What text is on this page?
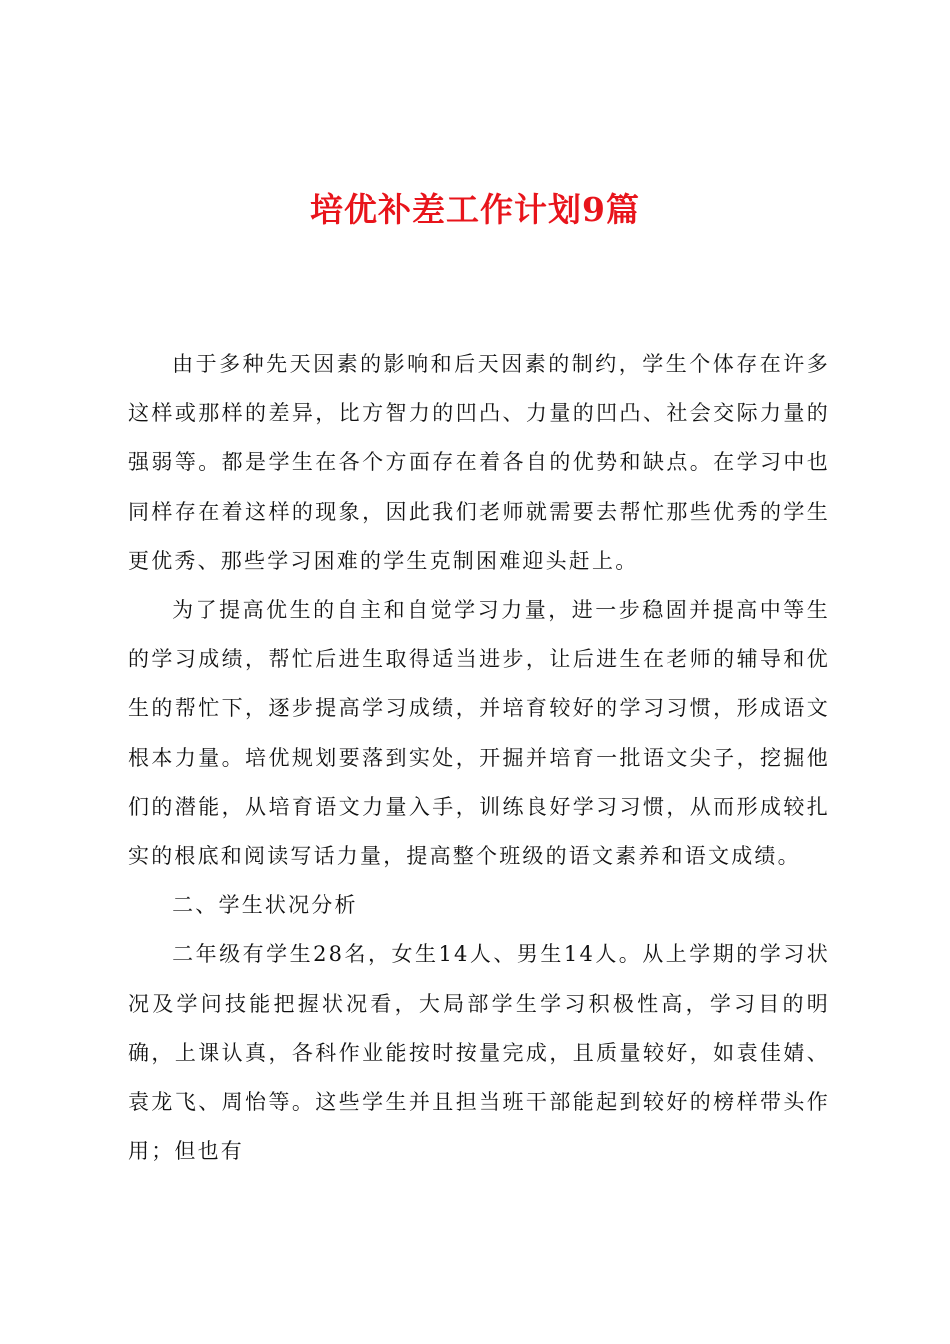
培优补差工作计划9篇

由于多种先天因素的影响和后天因素的制约，学生个体存在许多这样或那样的差异，比方智力的凹凸、力量的凹凸、社会交际力量的强弱等。都是学生在各个方面存在着各自的优势和缺点。在学习中也同样存在着这样的现象，因此我们老师就需要去帮忙那些优秀的学生更优秀、那些学习困难的学生克制困难迎头赶上。

为了提高优生的自主和自觉学习力量，进一步稳固并提高中等生的学习成绩，帮忙后进生取得适当进步，让后进生在老师的辅导和优生的帮忙下，逐步提高学习成绩，并培育较好的学习习惯，形成语文根本力量。培优规划要落到实处，开掘并培育一批语文尖子，挖掘他们的潜能，从培育语文力量入手，训练良好学习习惯，从而形成较扎实的根底和阅读写话力量，提高整个班级的语文素养和语文成绩。

二、学生状况分析

二年级有学生28名，女生14人、男生14人。从上学期的学习状况及学问技能把握状况看，大局部学生学习积极性高，学习目的明确，上课认真，各科作业能按时按量完成，且质量较好，如袁佳婧、袁龙飞、周怡等。这些学生并且担当班干部能起到较好的榜样带头作用；但也有
